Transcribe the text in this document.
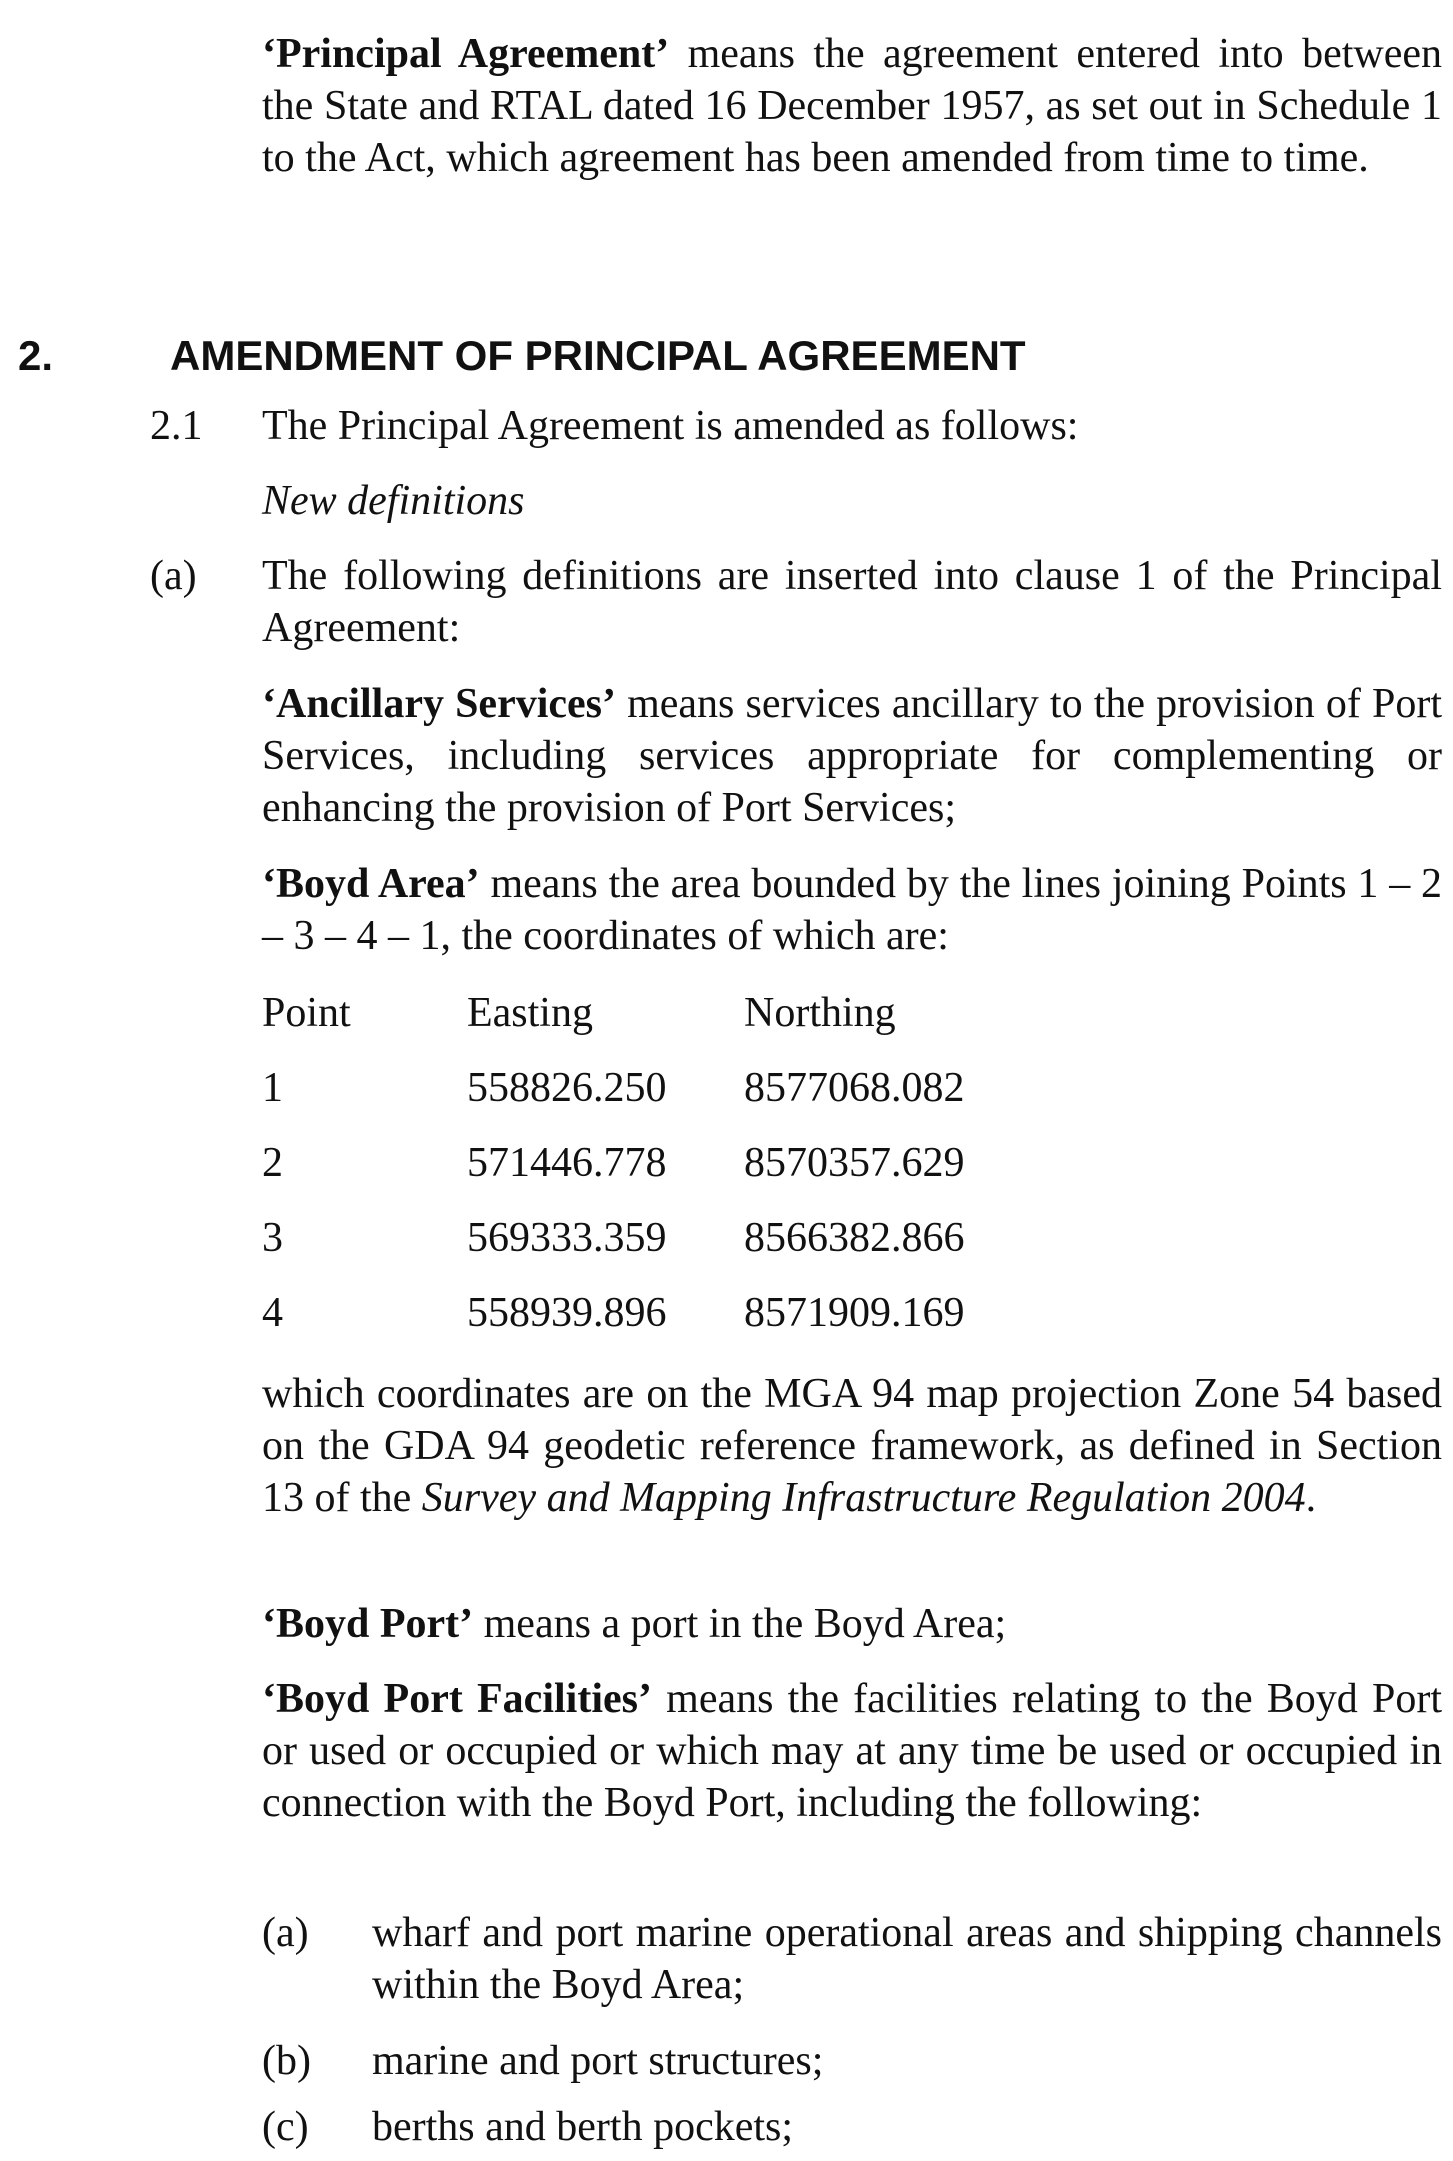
‘Principal Agreement’ means the agreement entered into between the State and RTAL dated 16 December 1957, as set out in Schedule 1 to the Act, which agreement has been amended from time to time.

2.	AMENDMENT OF PRINCIPAL AGREEMENT
2.1 The Principal Agreement is amended as follows:
New definitions
(a) The following definitions are inserted into clause 1 of the Principal Agreement:

‘Ancillary Services’ means services ancillary to the provision of Port Services, including services appropriate for complementing or enhancing the provision of Port Services;

‘Boyd Area’ means the area bounded by the lines joining Points 1 – 2 – 3 – 4 – 1, the coordinates of which are:

Point	Easting	Northing
1	558826.250 8577068.082
2	571446.778 8570357.629
3	569333.359 8566382.866
4	558939.896 8571909.169

which coordinates are on the MGA 94 map projection Zone 54 based on the GDA 94 geodetic reference framework, as defined in Section 13 of the Survey and Mapping Infrastructure Regulation 2004.

‘Boyd Port’ means a port in the Boyd Area;

‘Boyd Port Facilities’ means the facilities relating to the Boyd Port or used or occupied or which may at any time be used or occupied in connection with the Boyd Port, including the following:

(a) wharf and port marine operational areas and shipping channels within the Boyd Area;
(b) marine and port structures;
(c) berths and berth pockets;
